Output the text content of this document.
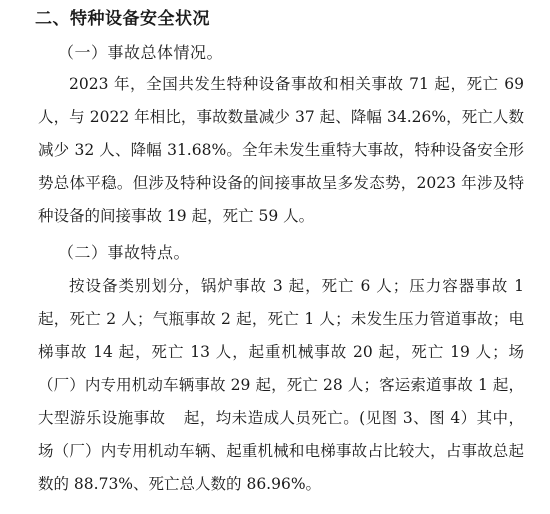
二、特种设备安全状况
（一）事故总体情况。
2023 年，全国共发生特种设备事故和相关事故 71 起，死亡 69 人，与 2022 年相比，事故数量减少 37 起、降幅 34.26%，死亡人数减少 32 人、降幅 31.68%。全年未发生重特大事故，特种设备安全形势总体平稳。但涉及特种设备的间接事故呈多发态势，2023 年涉及特种设备的间接事故 19 起，死亡 59 人。
（二）事故特点。
按设备类别划分，锅炉事故 3 起，死亡 6 人；压力容器事故 1 起，死亡 2 人；气瓶事故 2 起，死亡 1 人；未发生压力管道事故；电梯事故 14 起，死亡 13 人，起重机械事故 20 起，死亡 19 人；场（厂）内专用机动车辆事故 29 起，死亡 28 人；客运索道事故 1 起，大型游乐设施事故 起，均未造成人员死亡。(见图 3、图 4）其中，场（厂）内专用机动车辆、起重机械和电梯事故占比较大，占事故总起数的 88.73%、死亡总人数的 86.96%。
